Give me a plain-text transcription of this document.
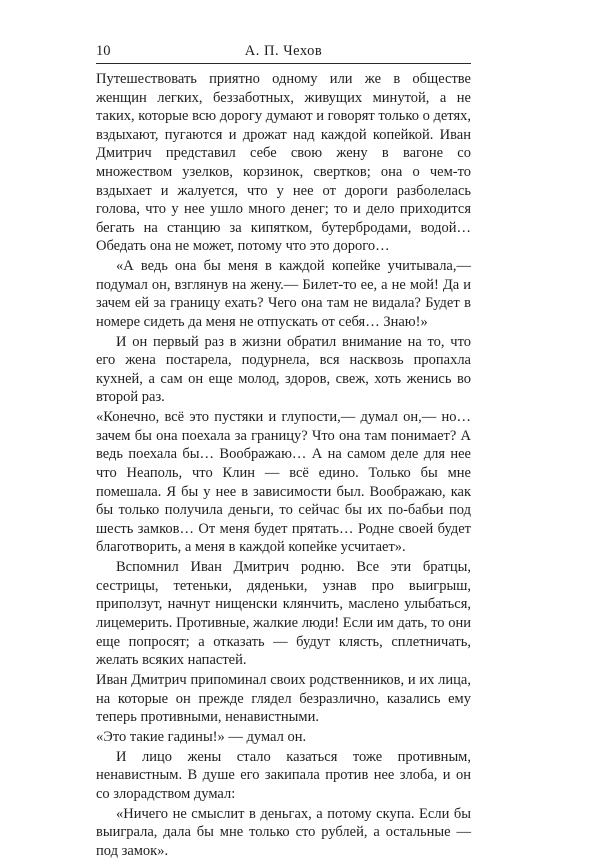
10	А. П. Чехов

Путешествовать приятно одному или же в обществе женщин легких, беззаботных, живущих минутой, а не таких, которые всю дорогу думают и говорят только о детях, вздыхают, пугаются и дрожат над каждой копейкой. Иван Дмитрич представил себе свою жену в вагоне со множеством узелков, корзинок, свертков; она о чем-то вздыхает и жалуется, что у нее от дороги разболелась голова, что у нее ушло много денег; то и дело приходится бегать на станцию за кипятком, бутербродами, водой… Обедать она не может, потому что это дорого…

«А ведь она бы меня в каждой копейке учитывала,— подумал он, взглянув на жену.— Билет-то ее, а не мой! Да и зачем ей за границу ехать? Чего она там не видала? Будет в номере сидеть да меня не отпускать от себя… Знаю!»

И он первый раз в жизни обратил внимание на то, что его жена постарела, подурнела, вся насквозь пропахла кухней, а сам он еще молод, здоров, свеж, хоть женись во второй раз.

«Конечно, всё это пустяки и глупости,— думал он,— но… зачем бы она поехала за границу? Что она там понимает? А ведь поехала бы… Воображаю… А на самом деле для нее что Неаполь, что Клин — всё едино. Только бы мне помешала. Я бы у нее в зависимости был. Воображаю, как бы только получила деньги, то сейчас бы их по-бабьи под шесть замков… От меня будет прятать… Родне своей будет благотворить, а меня в каждой копейке усчитает».

Вспомнил Иван Дмитрич родню. Все эти братцы, сестрицы, тетеньки, дяденьки, узнав про выигрыш, приползут, начнут нищенски клянчить, маслено улыбаться, лицемерить. Противные, жалкие люди! Если им дать, то они еще попросят; а отказать — будут клясть, сплетничать, желать всяких напастей.

Иван Дмитрич припоминал своих родственников, и их лица, на которые он прежде глядел безразлично, казались ему теперь противными, ненавистными.

«Это такие гадины!» — думал он.

И лицо жены стало казаться тоже противным, ненавистным. В душе его закипала против нее злоба, и он со злорадством думал:

«Ничего не смыслит в деньгах, а потому скупа. Если бы выиграла, дала бы мне только сто рублей, а остальные — под замок».
